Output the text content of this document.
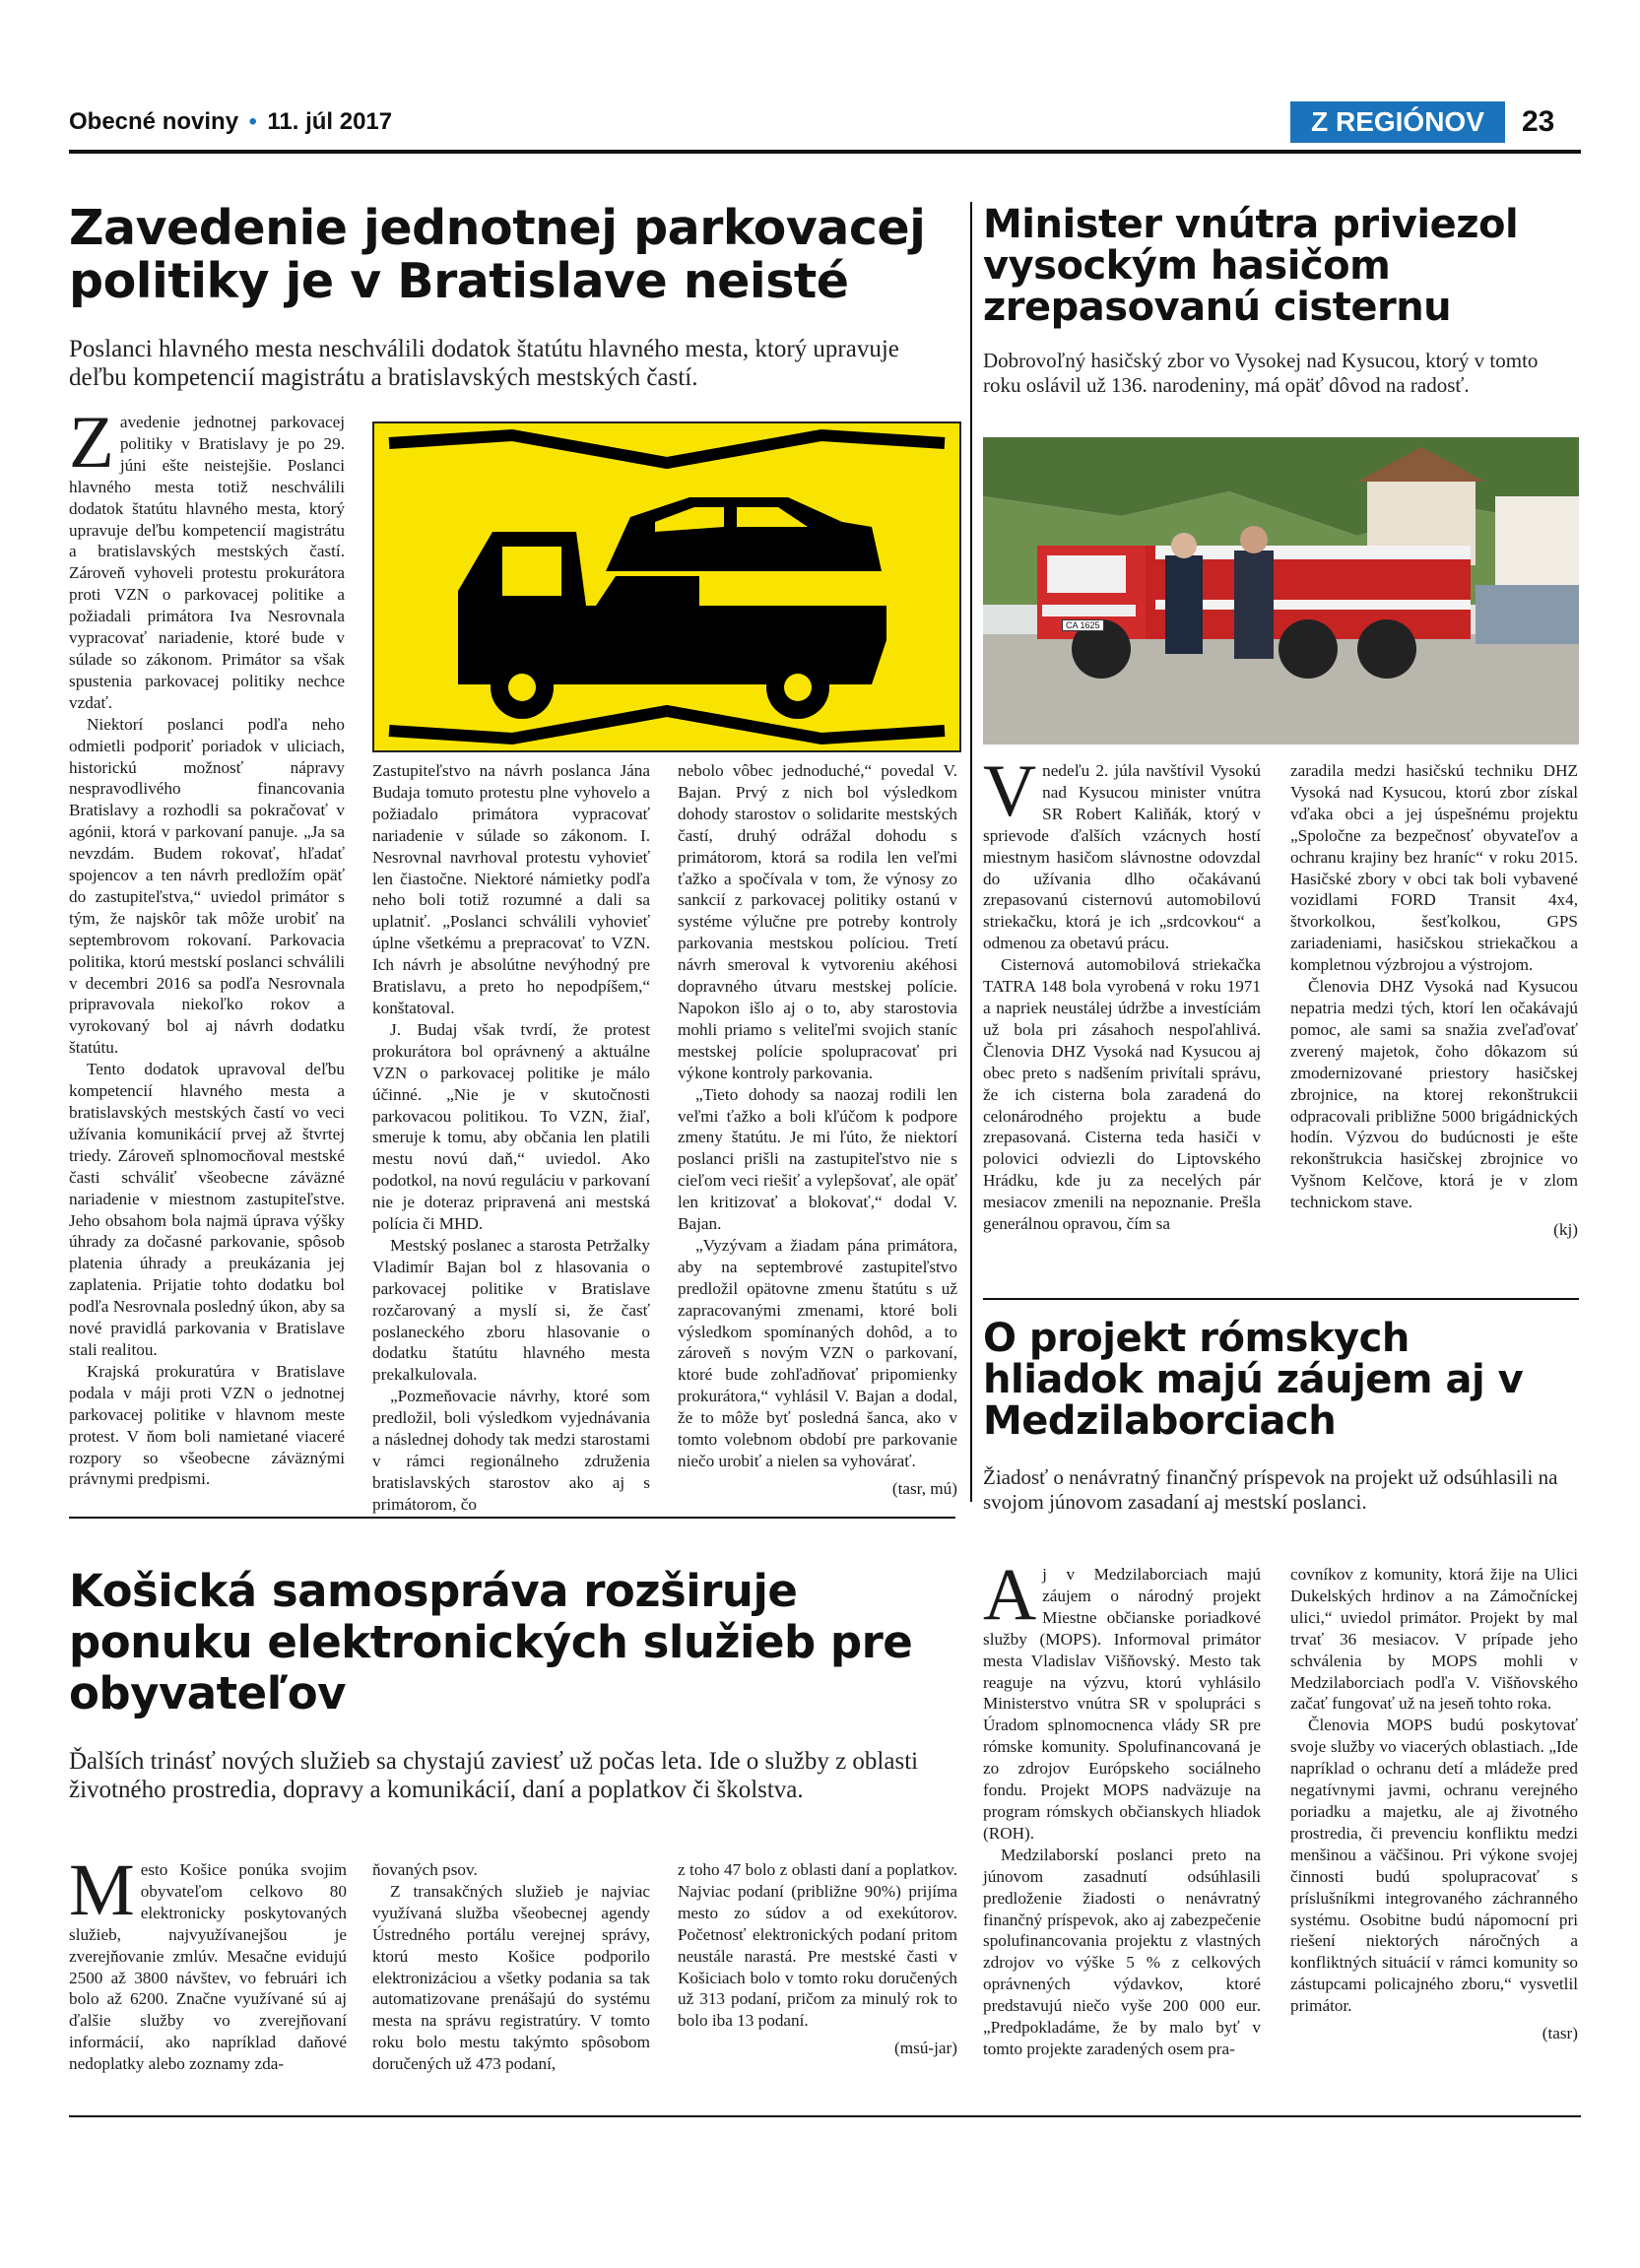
Obecné noviny • 11. júl 2017	Z REGIÓNOV	23
Zavedenie jednotnej parkovacej politiky je v Bratislave neisté
Poslanci hlavného mesta neschválili dodatok štatútu hlavného mesta, ktorý upravuje deľbu kompetencií magistrátu a bratislavských mestských častí.
Z avedenie jednotnej parkovacej politiky v Bratislavy je po 29. júni ešte neistejšie. Poslanci hlavného mesta totiž neschválili dodatok štatútu hlavného mesta, ktorý upravuje deľbu kompetencií magistrátu a bratislavských mestských častí. Zároveň vyhoveli protestu prokurátora proti VZN o parkovacej politike a požiadali primátora Iva Nesrovnala vypracovať nariadenie, ktoré bude v súlade so zákonom. Primátor sa však spustenia parkovacej politiky nechce vzdať.

Niektorí poslanci podľa neho odmietli podporiť poriadok v uliciach, historickú možnosť nápravy nespravodlivého financovania Bratislavy a rozhodli sa pokračovať v agónii, ktorá v parkovaní panuje. „Ja sa nevzdám. Budem rokovať, hľadať spojencov a ten návrh predložím opäť do zastupiteľstva,“ uviedol primátor s tým, že najskôr tak môže urobiť na septembrovom rokovaní. Parkovacia politika, ktorú mestskí poslanci schválili v decembri 2016 sa podľa Nesrovnala pripravovala niekoľko rokov a vyrokovaný bol aj návrh dodatku štatútu.

Tento dodatok upravoval deľbu kompetencií hlavného mesta a bratislavských mestských častí vo veci užívania komunikácií prvej až štvrtej triedy. Zároveň splnomocňoval mestské časti schváliť všeobecne záväzné nariadenie v miestnom zastupiteľstve. Jeho obsahom bola najmä úprava výšky úhrady za dočasné parkovanie, spôsob platenia úhrady a preukázania jej zaplatenia. Prijatie tohto dodatku bol podľa Nesrovnala posledný úkon, aby sa nové pravidlá parkovania v Bratislave stali realitou.

Krajská prokuratúra v Bratislave podala v máji proti VZN o jednotnej parkovacej politike v hlavnom meste protest. V ňom boli namietané viaceré rozpory so všeobecne záväznými právnymi predpismi.

Zastupiteľstvo na návrh poslanca Jána Budaja tomuto protestu plne vyhovelo a požiadalo primátora vypracovať nariadenie v súlade so zákonom. I. Nesrovnal navrhoval protestu vyhovieť len čiastočne. Niektoré námietky podľa neho boli totiž rozumné a dali sa uplatniť. „Poslanci schválili vyhovieť úplne všetkému a prepracovať to VZN. Ich návrh je absolútne nevýhodný pre Bratislavu, a preto ho nepodpíšem,“ konštatoval.

J. Budaj však tvrdí, že protest prokurátora bol oprávnený a aktuálne VZN o parkovacej politike je málo účinné. „Nie je v skutočnosti parkovacou politikou. To VZN, žiaľ, smeruje k tomu, aby občania len platili mestu novú daň,“ uviedol. Ako podotkol, na novú reguláciu v parkovaní nie je doteraz pripravená ani mestská polícia či MHD.

Mestský poslanec a starosta Petržalky Vladimír Bajan bol z hlasovania o parkovacej politike v Bratislave rozčarovaný a myslí si, že časť poslaneckého zboru hlasovanie o dodatku štatútu hlavného mesta prekalkulovala.

„Pozmeňovacie návrhy, ktoré som predložil, boli výsledkom vyjednávania a následnej dohody tak medzi starostami v rámci regionálneho združenia bratislavských starostov ako aj s primátorom, čo

nebolo vôbec jednoduché,“ povedal V. Bajan. Prvý z nich bol výsledkom dohody starostov o solidarite mestských častí, druhý odrážal dohodu s primátorom, ktorá sa rodila len veľmi ťažko a spočívala v tom, že výnosy zo sankcií z parkovacej politiky ostanú v systéme výlučne pre potreby kontroly parkovania mestskou políciou. Tretí návrh smeroval k vytvoreniu akéhosi dopravného útvaru mestskej polície. Napokon išlo aj o to, aby starostovia mohli priamo s veliteľmi svojich staníc mestskej polície spolupracovať pri výkone kontroly parkovania.

„Tieto dohody sa naozaj rodili len veľmi ťažko a boli kľúčom k podpore zmeny štatútu. Je mi ľúto, že niektorí poslanci prišli na zastupiteľstvo nie s cieľom veci riešiť a vylepšovať, ale opäť len kritizovať a blokovať,“ dodal V. Bajan.

„Vyzývam a žiadam pána primátora, aby na septembrové zastupiteľstvo predložil opätovne zmenu štatútu s už zapracovanými zmenami, ktoré boli výsledkom spomínaných dohôd, a to zároveň s novým VZN o parkovaní, ktoré bude zohľadňovať pripomienky prokurátora,“ vyhlásil V. Bajan a dodal, že to môže byť posledná šanca, ako v tomto volebnom období pre parkovanie niečo urobiť a nielen sa vyhovárať.

(tasr, mú)
Minister vnútra priviezol vysockým hasičom zrepasovanú cisternu
Dobrovoľný hasičský zbor vo Vysokej nad Kysucou, ktorý v tomto roku oslávil už 136. narodeniny, má opäť dôvod na radosť.
CA 1625
V nedeľu 2. júla navštívil Vysokú nad Kysucou minister vnútra SR Robert Kaliňák, ktorý v sprievode ďalších vzácnych hostí miestnym hasičom slávnostne odovzdal do užívania dlho očakávanú zrepasovanú cisternovú automobilovú striekačku, ktorá je ich „srdcovkou“ a odmenou za obetavú prácu.

Cisternová automobilová striekačka TATRA 148 bola vyrobená v roku 1971 a napriek neustálej údržbe a investíciám už bola pri zásahoch nespoľahlivá. Členovia DHZ Vysoká nad Kysucou aj obec preto s nadšením privítali správu, že ich cisterna bola zaradená do celonárodného projektu a bude zrepasovaná. Cisterna teda hasiči v polovici odviezli do Liptovského Hrádku, kde ju za necelých pár mesiacov zmenili na nepoznanie. Prešla generálnou opravou, čím sa

zaradila medzi hasičskú techniku DHZ Vysoká nad Kysucou, ktorú zbor získal vďaka obci a jej úspešnému projektu „Spoločne za bezpečnosť obyvateľov a ochranu krajiny bez hraníc“ v roku 2015. Hasičské zbory v obci tak boli vybavené vozidlami FORD Transit 4x4, štvorkolkou, šesťkolkou, GPS zariadeniami, hasičskou striekačkou a kompletnou výzbrojou a výstrojom.

Členovia DHZ Vysoká nad Kysucou nepatria medzi tých, ktorí len očakávajú pomoc, ale sami sa snažia zveľaďovať zverený majetok, čoho dôkazom sú zmodernizované priestory hasičskej zbrojnice, na ktorej rekonštrukcii odpracovali približne 5000 brigádnických hodín. Výzvou do budúcnosti je ešte rekonštrukcia hasičskej zbrojnice vo Vyšnom Kelčove, ktorá je v zlom technickom stave.

(kj)
O projekt rómskych hliadok majú záujem aj v Medzilaborciach
Žiadosť o nenávratný finančný príspevok na projekt už odsúhlasili na svojom júnovom zasadaní aj mestskí poslanci.
A j v Medzilaborciach majú záujem o národný projekt Miestne občianske poriadkové služby (MOPS). Informoval primátor mesta Vladislav Višňovský. Mesto tak reaguje na výzvu, ktorú vyhlásilo Ministerstvo vnútra SR v spolupráci s Úradom splnomocnenca vlády SR pre rómske komunity. Spolufinancovaná je zo zdrojov Európskeho sociálneho fondu. Projekt MOPS nadväzuje na program rómskych občianskych hliadok (ROH).

Medzilaborskí poslanci preto na júnovom zasadnutí odsúhlasili predloženie žiadosti o nenávratný finančný príspevok, ako aj zabezpečenie spolufinancovania projektu z vlastných zdrojov vo výške 5 % z celkových oprávnených výdavkov, ktoré predstavujú niečo vyše 200 000 eur. „Predpokladáme, že by malo byť v tomto projekte zaradených osem pra-

covníkov z komunity, ktorá žije na Ulici Dukelských hrdinov a na Zámočníckej ulici,“ uviedol primátor. Projekt by mal trvať 36 mesiacov. V prípade jeho schválenia by MOPS mohli v Medzilaborciach podľa V. Višňovského začať fungovať už na jeseň tohto roka.

Členovia MOPS budú poskytovať svoje služby vo viacerých oblastiach. „Ide napríklad o ochranu detí a mládeže pred negatívnymi javmi, ochranu verejného poriadku a majetku, ale aj životného prostredia, či prevenciu konfliktu medzi menšinou a väčšinou. Pri výkone svojej činnosti budú spolupracovať s príslušníkmi integrovaného záchranného systému. Osobitne budú nápomocní pri riešení niektorých náročných a konfliktných situácií v rámci komunity so zástupcami policajného zboru,“ vysvetlil primátor.

(tasr)
Košická samospráva rozširuje ponuku elektronických služieb pre obyvateľov
Ďalších trinásť nových služieb sa chystajú zaviesť už počas leta. Ide o služby z oblasti životného prostredia, dopravy a komunikácií, daní a poplatkov či školstva.
M esto Košice ponúka svojim obyvateľom celkovo 80 elektronicky poskytovaných služieb, najvyužívanejšou je zverejňovanie zmlúv. Mesačne evidujú 2500 až 3800 návštev, vo februári ich bolo až 6200. Značne využívané sú aj ďalšie služby vo zverejňovaní informácií, ako napríklad daňové nedoplatky alebo zoznamy zda-

ňovaných psov.

Z transakčných služieb je najviac využívaná služba všeobecnej agendy Ústredného portálu verejnej správy, ktorú mesto Košice podporilo elektronizáciou a všetky podania sa tak automatizovane prenášajú do systému mesta na správu registratúry. V tomto roku bolo mestu takýmto spôsobom doručených už 473 podaní,

z toho 47 bolo z oblasti daní a poplatkov. Najviac podaní (približne 90%) prijíma mesto zo súdov a od exekútorov. Početnosť elektronických podaní pritom neustále narastá. Pre mestské časti v Košiciach bolo v tomto roku doručených už 313 podaní, pričom za minulý rok to bolo iba 13 podaní.

(msú-jar)
